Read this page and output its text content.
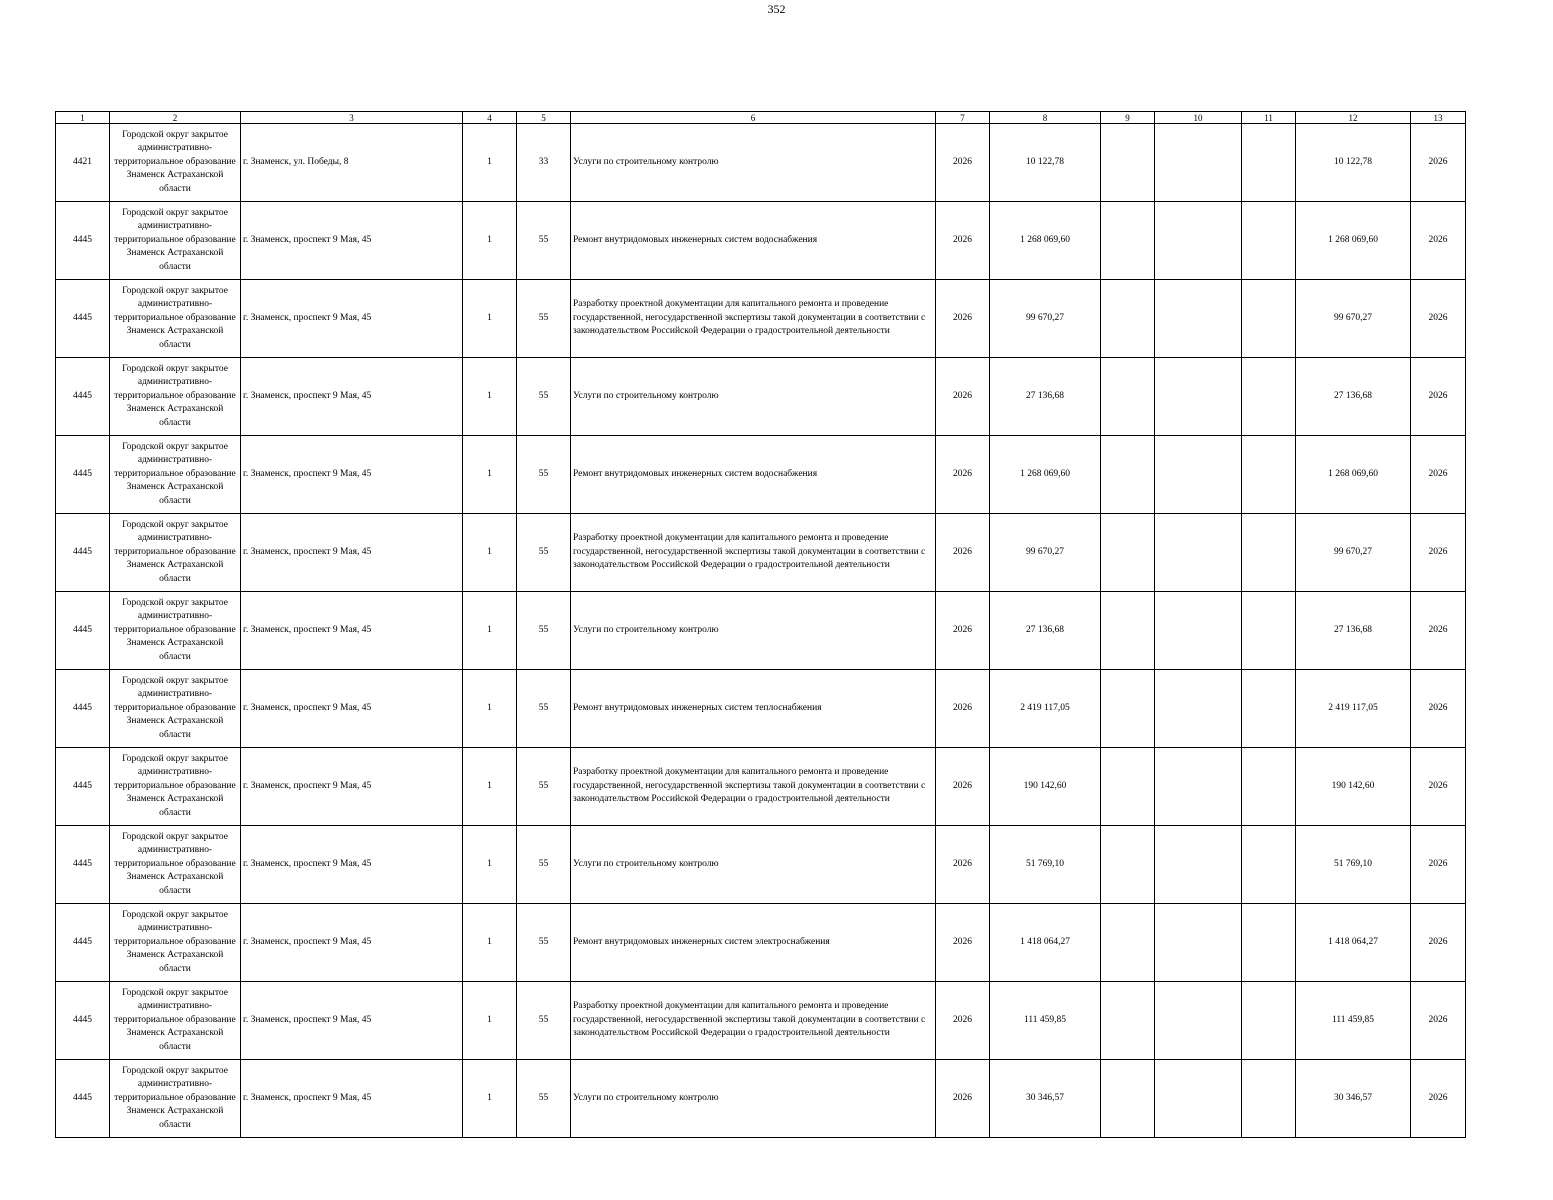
352
1	2	3	4	5	6	7	8	9	10	11	12	13
4421	Городской округ закрытое административно-территориальное образование Знаменск Астраханской области	г. Знаменск, ул. Победы, 8	1	33	Услуги по строительному контролю	2026	10 122,78				10 122,78	2026
4445	Городской округ закрытое административно-территориальное образование Знаменск Астраханской области	г. Знаменск, проспект 9 Мая, 45	1	55	Ремонт внутридомовых инженерных систем водоснабжения	2026	1 268 069,60				1 268 069,60	2026
4445	Городской округ закрытое административно-территориальное образование Знаменск Астраханской области	г. Знаменск, проспект 9 Мая, 45	1	55	Разработку проектной документации для капитального ремонта и проведение государственной, негосударственной экспертизы такой документации в соответствии с законодательством Российской Федерации о градостроительной деятельности	2026	99 670,27				99 670,27	2026
4445	Городской округ закрытое административно-территориальное образование Знаменск Астраханской области	г. Знаменск, проспект 9 Мая, 45	1	55	Услуги по строительному контролю	2026	27 136,68				27 136,68	2026
4445	Городской округ закрытое административно-территориальное образование Знаменск Астраханской области	г. Знаменск, проспект 9 Мая, 45	1	55	Ремонт внутридомовых инженерных систем водоснабжения	2026	1 268 069,60				1 268 069,60	2026
4445	Городской округ закрытое административно-территориальное образование Знаменск Астраханской области	г. Знаменск, проспект 9 Мая, 45	1	55	Разработку проектной документации для капитального ремонта и проведение государственной, негосударственной экспертизы такой документации в соответствии с законодательством Российской Федерации о градостроительной деятельности	2026	99 670,27				99 670,27	2026
4445	Городской округ закрытое административно-территориальное образование Знаменск Астраханской области	г. Знаменск, проспект 9 Мая, 45	1	55	Услуги по строительному контролю	2026	27 136,68				27 136,68	2026
4445	Городской округ закрытое административно-территориальное образование Знаменск Астраханской области	г. Знаменск, проспект 9 Мая, 45	1	55	Ремонт внутридомовых инженерных систем теплоснабжения	2026	2 419 117,05				2 419 117,05	2026
4445	Городской округ закрытое административно-территориальное образование Знаменск Астраханской области	г. Знаменск, проспект 9 Мая, 45	1	55	Разработку проектной документации для капитального ремонта и проведение государственной, негосударственной экспертизы такой документации в соответствии с законодательством Российской Федерации о градостроительной деятельности	2026	190 142,60				190 142,60	2026
4445	Городской округ закрытое административно-территориальное образование Знаменск Астраханской области	г. Знаменск, проспект 9 Мая, 45	1	55	Услуги по строительному контролю	2026	51 769,10				51 769,10	2026
4445	Городской округ закрытое административно-территориальное образование Знаменск Астраханской области	г. Знаменск, проспект 9 Мая, 45	1	55	Ремонт внутридомовых инженерных систем электроснабжения	2026	1 418 064,27				1 418 064,27	2026
4445	Городской округ закрытое административно-территориальное образование Знаменск Астраханской области	г. Знаменск, проспект 9 Мая, 45	1	55	Разработку проектной документации для капитального ремонта и проведение государственной, негосударственной экспертизы такой документации в соответствии с законодательством Российской Федерации о градостроительной деятельности	2026	111 459,85				111 459,85	2026
4445	Городской округ закрытое административно-территориальное образование Знаменск Астраханской области	г. Знаменск, проспект 9 Мая, 45	1	55	Услуги по строительному контролю	2026	30 346,57				30 346,57	2026
